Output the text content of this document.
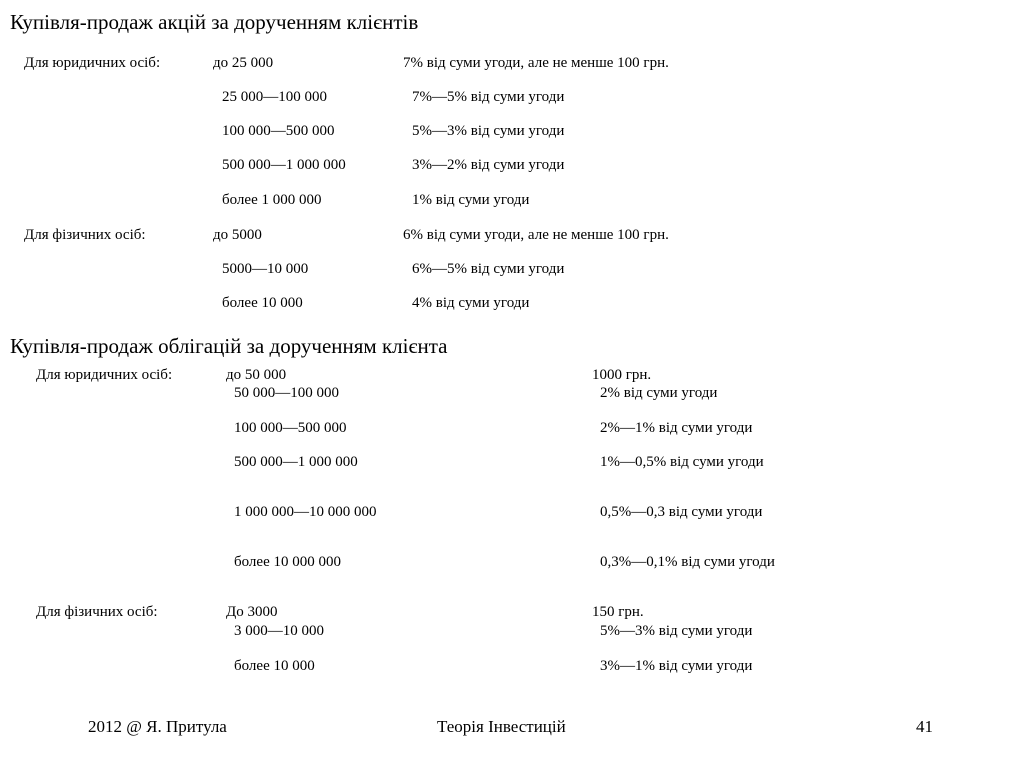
Купівля-продаж акцій за дорученням клієнтів
Для юридичних осіб:	до 25 000	7% від суми угоди, але не менше 100 грн.
25 000—100 000	7%—5% від суми угоди
100 000—500 000	5%—3% від суми угоди
500 000—1 000 000	3%—2% від суми угоди
более 1 000 000	1% від суми угоди
Для фізичних осіб:	до 5000	6% від суми угоди, але не менше 100 грн.
5000—10 000	6%—5% від суми угоди
более 10 000	4% від суми угоди
Купівля-продаж облігацій за дорученням клієнта
Для юридичних осіб:	до 50 000	1000 грн.
50 000—100 000	2% від суми угоди
100 000—500 000	2%—1% від суми угоди
500 000—1 000 000	1%—0,5% від суми угоди
1 000 000—10 000 000	0,5%—0,3 від суми угоди
более 10 000 000	0,3%—0,1% від суми угоди
Для фізичних осіб:	До 3000	150 грн.
3 000—10 000	5%—3% від суми угоди
более 10 000	3%—1% від суми угоди
2012 @ Я. Притула	Теорія Інвестицій	41
